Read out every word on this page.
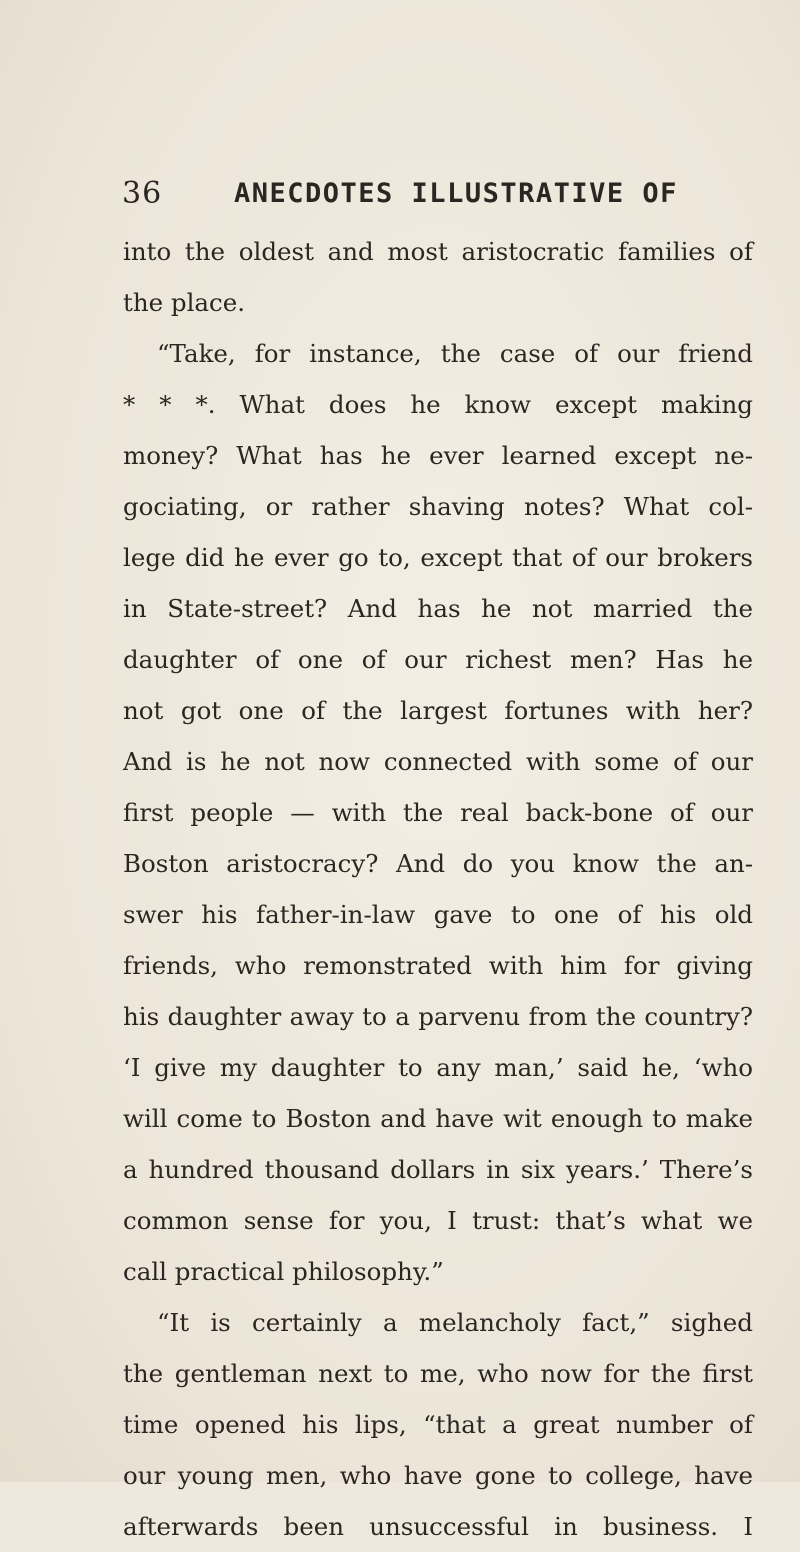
36	ANECDOTES ILLUSTRATIVE OF
into the oldest and most aristocratic families of
the place.
“Take, for instance, the case of our friend
* * *. What does he know except making
money? What has he ever learned except ne-
gociating, or rather shaving notes? What col-
lege did he ever go to, except that of our brokers
in State-street? And has he not married the
daughter of one of our richest men? Has he
not got one of the largest fortunes with her?
And is he not now connected with some of our
first people — with the real back-bone of our
Boston aristocracy? And do you know the an-
swer his father-in-law gave to one of his old
friends, who remonstrated with him for giving
his daughter away to a parvenu from the country?
‘I give my daughter to any man,’ said he, ‘who
will come to Boston and have wit enough to make
a hundred thousand dollars in six years.’ There’s
common sense for you, I trust: that’s what we
call practical philosophy.”
“It is certainly a melancholy fact,” sighed
the gentleman next to me, who now for the first
time opened his lips, “that a great number of
our young men, who have gone to college, have
afterwards been unsuccessful in business. I
